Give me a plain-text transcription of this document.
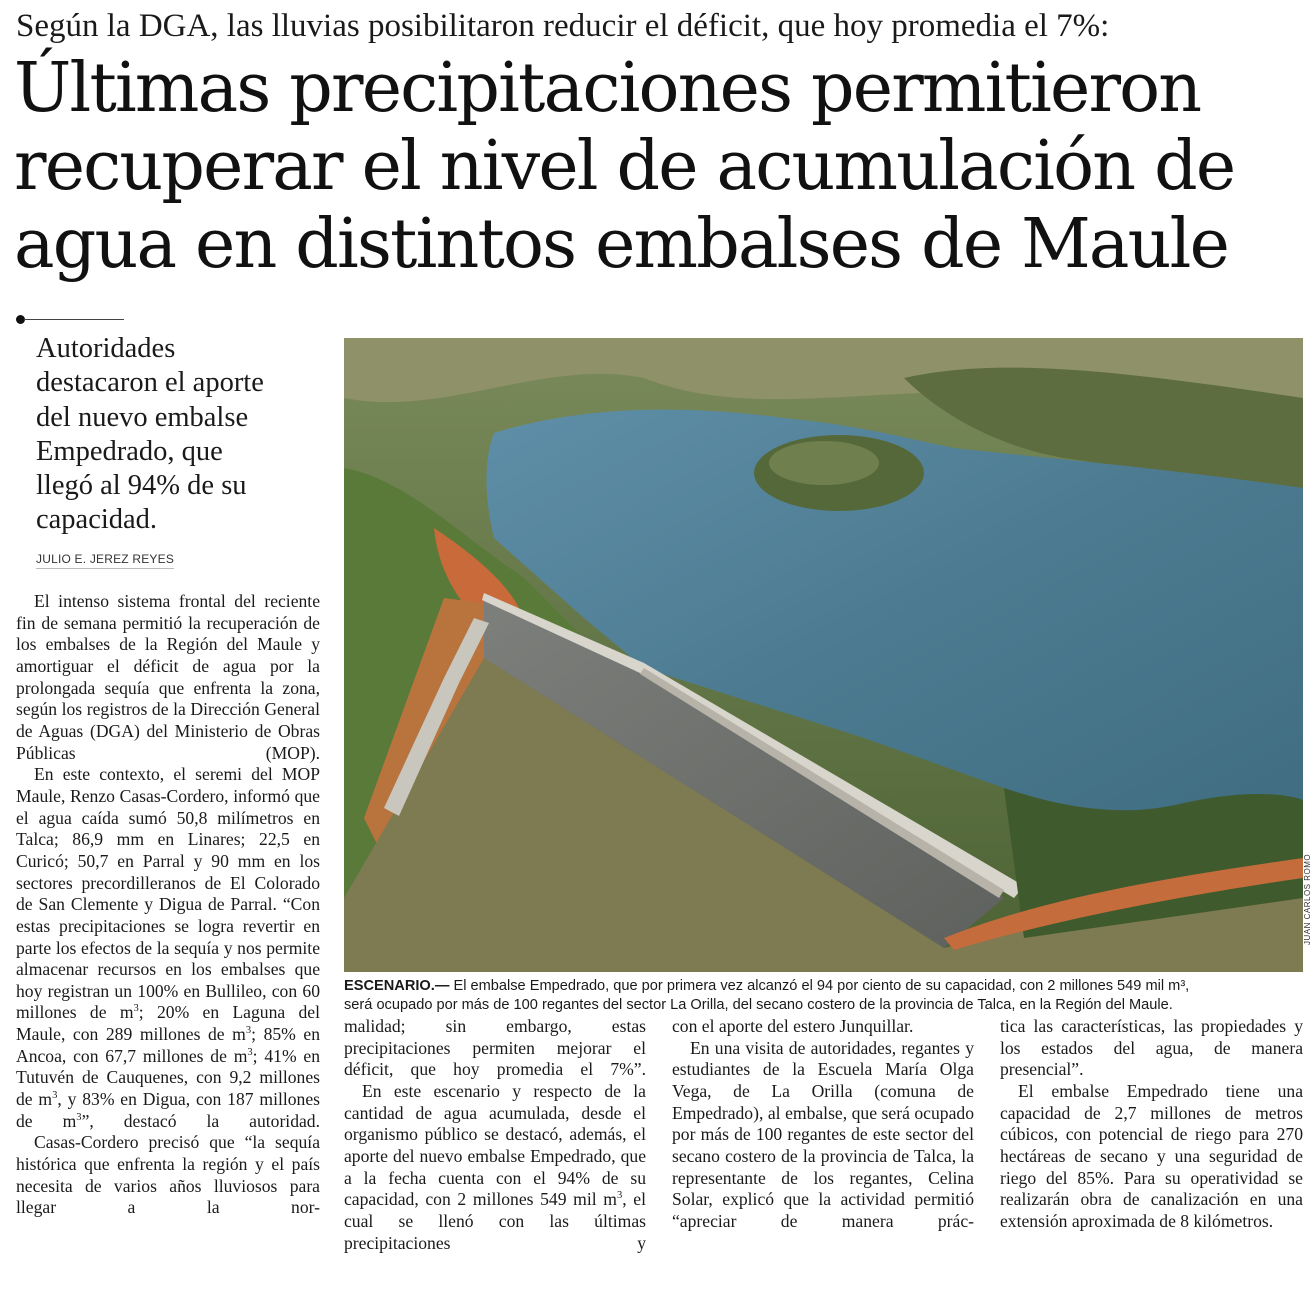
Según la DGA, las lluvias posibilitaron reducir el déficit, que hoy promedia el 7%:
Últimas precipitaciones permitieron
recuperar el nivel de acumulación de
agua en distintos embalses de Maule
Autoridades
destacaron el aporte
del nuevo embalse
Empedrado, que
llegó al 94% de su
capacidad.
JULIO E. JEREZ REYES

El intenso sistema frontal del reciente fin de semana permitió la recuperación de los embalses de la Región del Maule y amortiguar el déficit de agua por la prolongada sequía que enfrenta la zona, según los registros de la Dirección General de Aguas (DGA) del Ministerio de Obras Públicas (MOP).

En este contexto, el seremi del MOP Maule, Renzo Casas-Cordero, informó que el agua caída sumó 50,8 milímetros en Talca; 86,9 mm en Linares; 22,5 en Curicó; 50,7 en Parral y 90 mm en los sectores precordilleranos de El Colorado de San Clemente y Digua de Parral. “Con estas precipitaciones se logra revertir en parte los efectos de la sequía y nos permite almacenar recursos en los embalses que hoy registran un 100% en Bullileo, con 60 millones de $m^3$; 20% en Laguna del Maule, con 289 millones de $m^3$; 85% en Ancoa, con 67,7 millones de $m^3$; 41% en Tutuvén de Cauquenes, con 9,2 millones de $m^3$, y 83% en Digua, con 187 millones de $m^3$”, destacó la autoridad.

Casas-Cordero precisó que “la sequía histórica que enfrenta la región y el país necesita de varios años lluviosos para llegar a la nor-

JUAN CARLOS ROMO
ESCENARIO.— El embalse Empedrado, que por primera vez alcanzó el 94 por ciento de su capacidad, con 2 millones 549 mil m³,
será ocupado por más de 100 regantes del sector La Orilla, del secano costero de la provincia de Talca, en la Región del Maule.

malidad; sin embargo, estas precipitaciones permiten mejorar el déficit, que hoy promedia el 7%”.

En este escenario y respecto de la cantidad de agua acumulada, desde el organismo público se destacó, además, el aporte del nuevo embalse Empedrado, que a la fecha cuenta con el 94% de su capacidad, con 2 millones 549 mil $m^3$, el cual se llenó con las últimas precipitaciones y

con el aporte del estero Junquillar.

En una visita de autoridades, regantes y estudiantes de la Escuela María Olga Vega, de La Orilla (comuna de Empedrado), al embalse, que será ocupado por más de 100 regantes de este sector del secano costero de la provincia de Talca, la representante de los regantes, Celina Solar, explicó que la actividad permitió “apreciar de manera prác-

tica las características, las propiedades y los estados del agua, de manera presencial”.

El embalse Empedrado tiene una capacidad de 2,7 millones de metros cúbicos, con potencial de riego para 270 hectáreas de secano y una seguridad de riego del 85%. Para su operatividad se realizarán obra de canalización en una extensión aproximada de 8 kilómetros.
